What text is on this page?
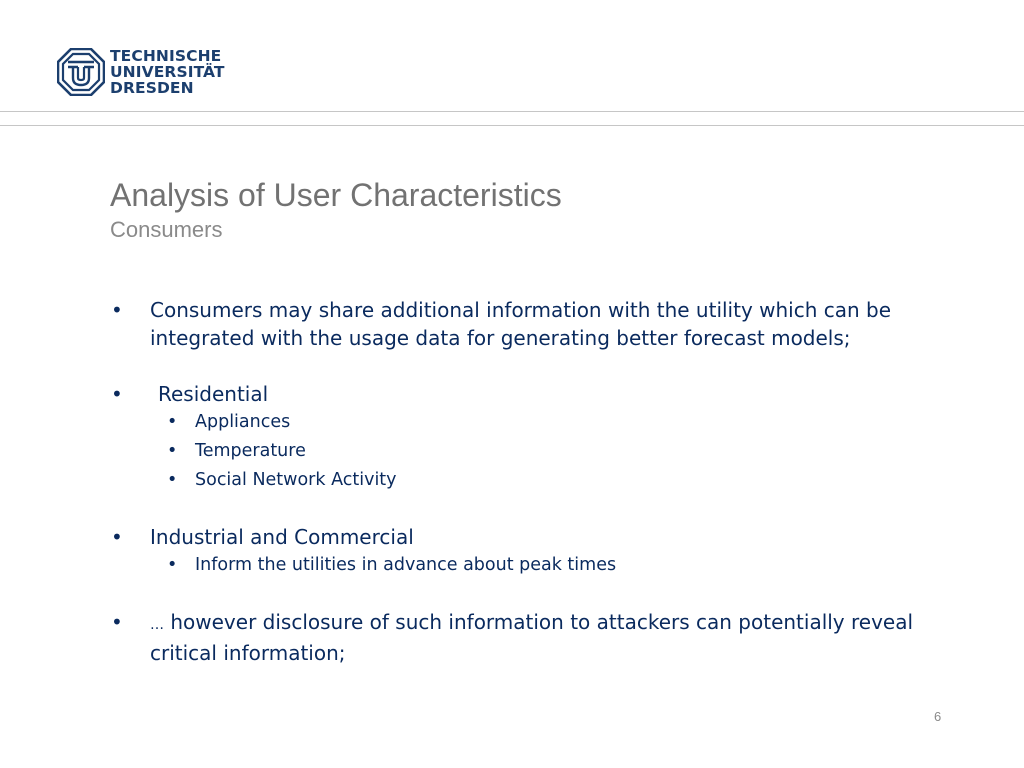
TECHNISCHE
UNIVERSITÄT
DRESDEN
Analysis of User Characteristics
Consumers
• Consumers may share additional information with the utility which can be integrated with the usage data for generating better forecast models;
• Residential
• Appliances
• Temperature
• Social Network Activity
• Industrial and Commercial
• Inform the utilities in advance about peak times
• … however disclosure of such information to attackers can potentially reveal critical information;
6
